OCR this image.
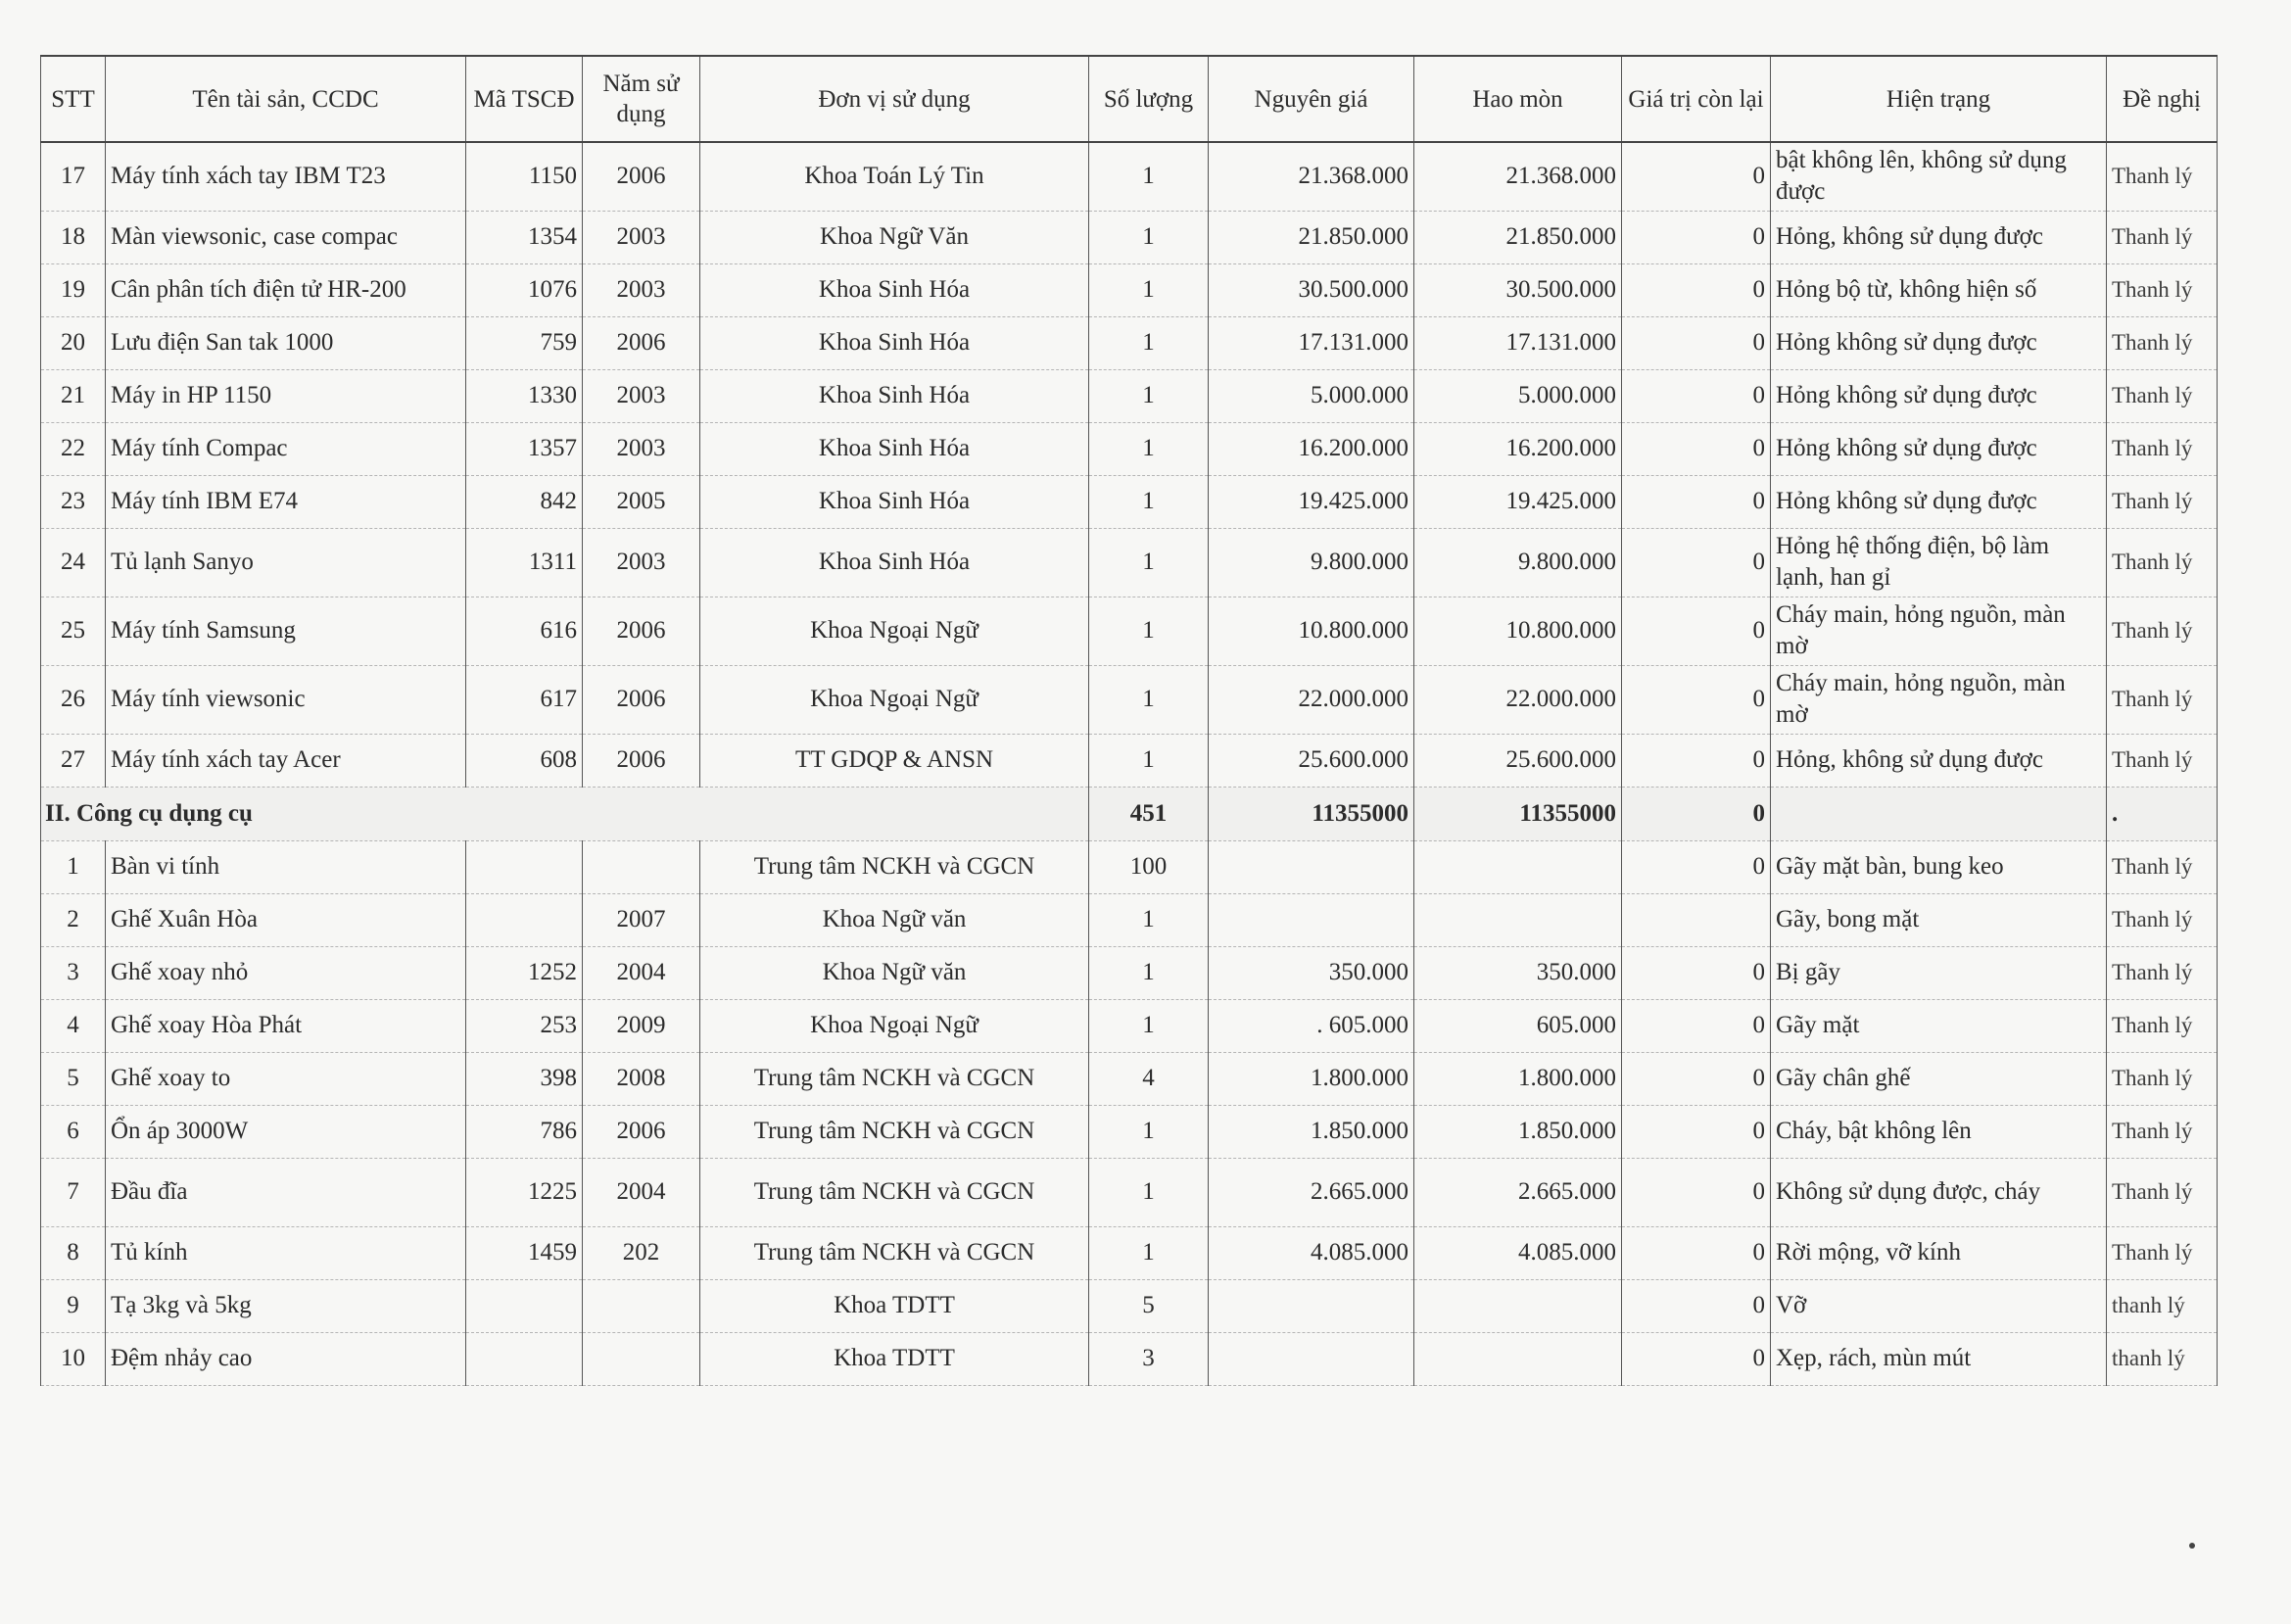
STT	Tên tài sản, CCDC	Mã TSCĐ	Năm sử dụng	Đơn vị sử dụng	Số lượng	Nguyên giá	Hao mòn	Giá trị còn lại	Hiện trạng	Đề nghị
17	Máy tính xách tay IBM T23	1150	2006	Khoa Toán Lý Tin	1	21.368.000	21.368.000	0	bật không lên, không sử dụng được	Thanh lý
18	Màn viewsonic, case compac	1354	2003	Khoa Ngữ Văn	1	21.850.000	21.850.000	0	Hỏng, không sử dụng được	Thanh lý
19	Cân phân tích điện tử HR-200	1076	2003	Khoa Sinh Hóa	1	30.500.000	30.500.000	0	Hỏng bộ từ, không hiện số	Thanh lý
20	Lưu điện San tak 1000	759	2006	Khoa Sinh Hóa	1	17.131.000	17.131.000	0	Hỏng không sử dụng được	Thanh lý
21	Máy in HP 1150	1330	2003	Khoa Sinh Hóa	1	5.000.000	5.000.000	0	Hỏng không sử dụng được	Thanh lý
22	Máy tính Compac	1357	2003	Khoa Sinh Hóa	1	16.200.000	16.200.000	0	Hỏng không sử dụng được	Thanh lý
23	Máy tính IBM E74	842	2005	Khoa Sinh Hóa	1	19.425.000	19.425.000	0	Hỏng không sử dụng được	Thanh lý
24	Tủ lạnh Sanyo	1311	2003	Khoa Sinh Hóa	1	9.800.000	9.800.000	0	Hỏng hệ thống điện, bộ làm lạnh, han gỉ	Thanh lý
25	Máy tính Samsung	616	2006	Khoa Ngoại Ngữ	1	10.800.000	10.800.000	0	Cháy main, hỏng nguồn, màn mờ	Thanh lý
26	Máy tính viewsonic	617	2006	Khoa Ngoại Ngữ	1	22.000.000	22.000.000	0	Cháy main, hỏng nguồn, màn mờ	Thanh lý
27	Máy tính xách tay Acer	608	2006	TT GDQP & ANSN	1	25.600.000	25.600.000	0	Hỏng, không sử dụng được	Thanh lý
II. Công cụ dụng cụ					451	11355000	11355000	0		.
1	Bàn vi tính			Trung tâm NCKH và CGCN	100			0	Gãy mặt bàn, bung keo	Thanh lý
2	Ghế Xuân Hòa		2007	Khoa Ngữ văn	1				Gãy, bong mặt	Thanh lý
3	Ghế xoay nhỏ	1252	2004	Khoa Ngữ văn	1	350.000	350.000	0	Bị gãy	Thanh lý
4	Ghế xoay Hòa Phát	253	2009	Khoa Ngoại Ngữ	1	. 605.000	605.000	0	Gãy mặt	Thanh lý
5	Ghế xoay to	398	2008	Trung tâm NCKH và CGCN	4	1.800.000	1.800.000	0	Gãy chân ghế	Thanh lý
6	Ổn áp 3000W	786	2006	Trung tâm NCKH và CGCN	1	1.850.000	1.850.000	0	Cháy, bật không lên	Thanh lý
7	Đầu đĩa	1225	2004	Trung tâm NCKH và CGCN	1	2.665.000	2.665.000	0	Không sử dụng được, cháy	Thanh lý
8	Tủ kính	1459	202	Trung tâm NCKH và CGCN	1	4.085.000	4.085.000	0	Rời mộng, vỡ kính	Thanh lý
9	Tạ 3kg và 5kg			Khoa TDTT	5			0	Vỡ	thanh lý
10	Đệm nhảy cao			Khoa TDTT	3			0	Xẹp, rách, mùn mút	thanh lý
